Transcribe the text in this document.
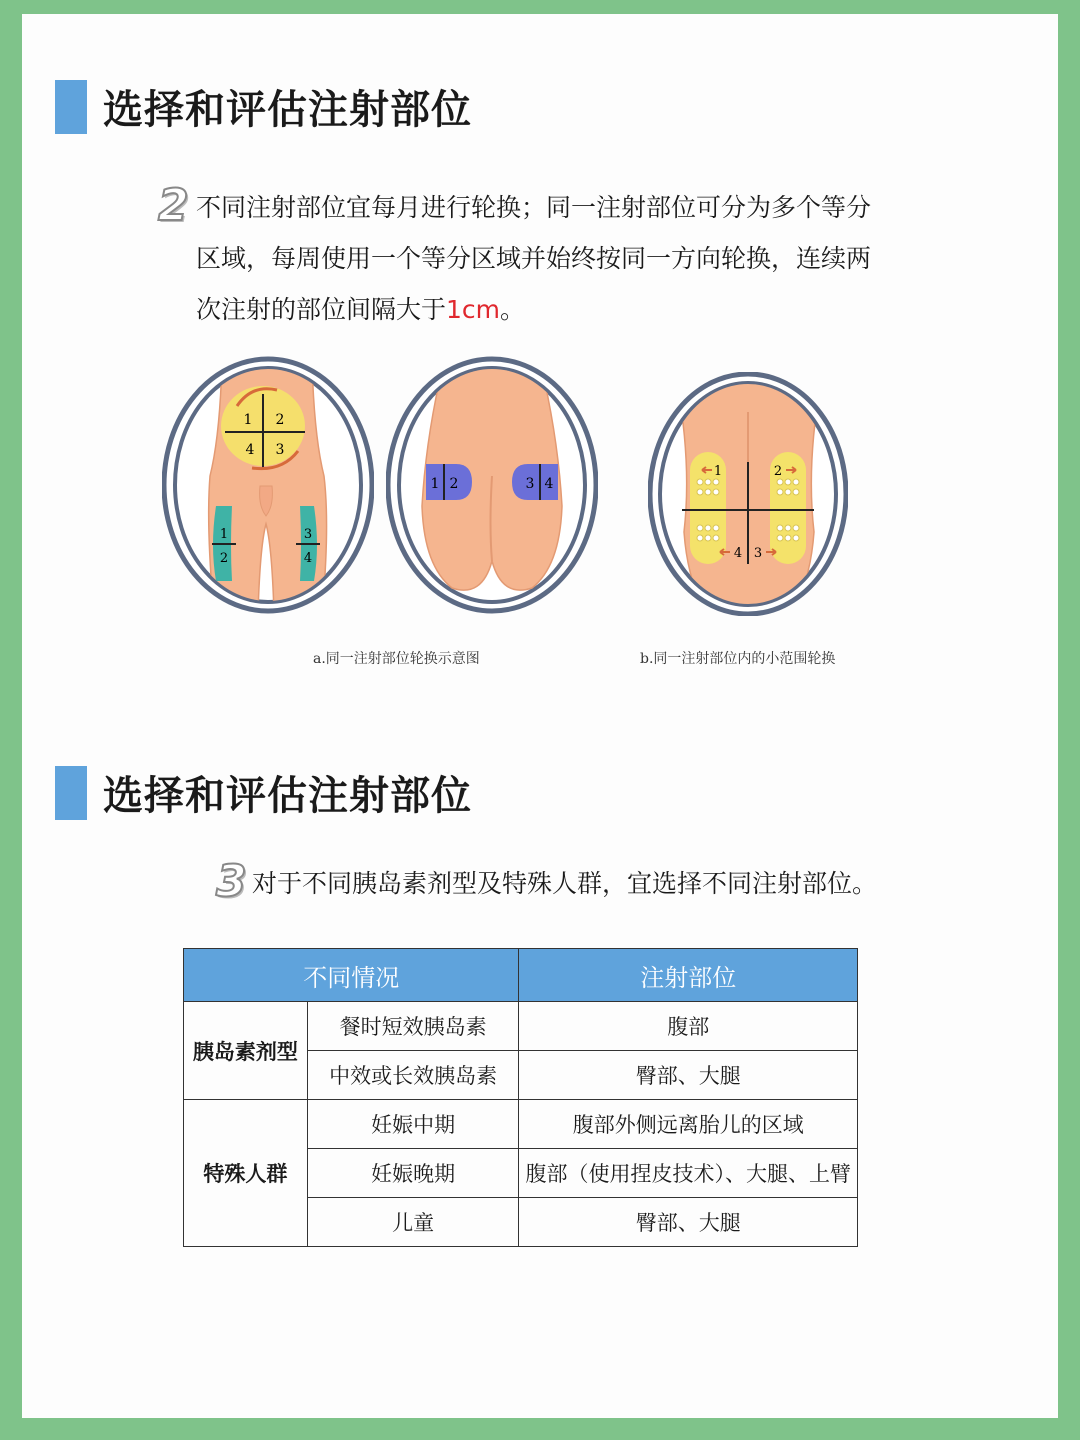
选择和评估注射部位
2 不同注射部位宜每月进行轮换；同一注射部位可分为多个等分
区域，每周使用一个等分区域并始终按同一方向轮换，连续两
次注射的部位间隔大于1cm。
1 2
3
4
1
2
3
4
1 2	3 4
1	2
3
4
a.同一注射部位轮换示意图	b.同一注射部位内的小范围轮换
选择和评估注射部位
3 对于不同胰岛素剂型及特殊人群，宜选择不同注射部位。
不同情况		注射部位
胰岛素剂型	餐时短效胰岛素	腹部
	中效或长效胰岛素	臀部、大腿
特殊人群	妊娠中期	腹部外侧远离胎儿的区域
	妊娠晚期	腹部（使用捏皮技术）、大腿、上臂
	儿童	臀部、大腿
